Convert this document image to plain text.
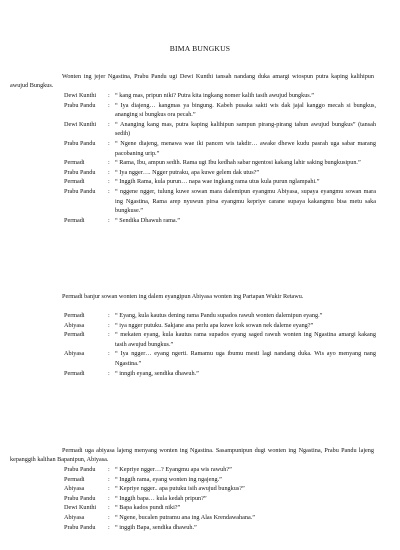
BIMA BUNGKUS
Wonten ing jejer Ngastina, Prabu Pandu ugi Dewi Kunthi tansah nandang duka amargi wiospun putra kaping kalihipun awujud Bungkus.
Dewi Kunthi	: “ kang mas, pripun niki? Putra kita ingkang nomer kalih tasih awujud bungkus.”
Prabu Pandu	: “ Iya diajeng… kangmas ya bingung. Kabeh pusaka sakti wis dak jajal kanggo mecah si bungkus, ananging si bungkus ora pecah.”
Dewi Kunthi	: “ Ananging kang mas, putra kaping kalihipun sampun pirang-pirang tahun awujud bungkus” (tansah sedih)
Prabu Pandu	: “ Ngene diajeng, menawa wae iki pancen wis takdir… awake dhewe kudu pasrah uga sabar marang pacobaning urip.”
Permadi	: “ Rama, Ibu, ampun sedih. Rama ugi Ibu kedhah sabar ngentosi kakang lahir saking bungkusipun.”
Prabu Pandu	: “ Iya ngger…. Ngger putraku, apa kuwe gelem dak utus?”
Permadi	: “ Inggih Rama, kula purun… napa wae ingkang rama utus kula purun nglampahi.”
Prabu Pandu	: “ nggene ngger, tulung kuwe sowan mara dalemipun eyangmu Abiyasa, supaya eyangmu sowan mara ing Ngastina, Rama arep nyuwun pirsa eyangmu kepriye carane supaya kakangmu bisa metu saka bungkuse.”
Permadi	: “ Sendika Dhawuh rama.”
Permadi banjur sowan wonten ing dalem eyangipun Abiyasa wonten ing Partapan Wukir Retawu.
Permadi	: “ Eyang, kula kautus dening rama Pandu supados rawuh wonten dalemipun eyang.”
Abiyasa	: “ iya ngger putuku. Sakjane ana perlu apa kuwe kok sowan nek daleme eyang?”
Permadi	: “ mekaten eyang, kula kautus rama supados eyang saged rawuh wonten ing Ngastina amargi kakang tasih awujud bungkus.”
Abiyasa	: “ Iya ngger… eyang ngerti. Ramamu uga ibumu mesti lagi nandang duka. Wis ayo menyang nang Ngastina.”
Permadi	: “ inngih eyang, sendika dhawuh.”
Permadi uga abiyasa lajeng menyang wonten ing Ngastina. Sasampunipun dugi wonten ing Ngastina, Prabu Pandu lajeng kepanggih kalihan Bapanipun, Abiyasa.
Prabu Pandu	: “ Kepriye ngger…? Eyangmu apa wis rawuh?”
Permadi	: “ Inggih rama, eyang wonten ing ngajeng.”
Abiyasa	: “ Kepriye ngger.. apa putuku isih awujud bungkus?”
Prabu Pandu	: “ Inggih bapa… kula kedah pripun?”
Dewi Kunthi	: “ Bapa kados pundi niki?”
Abiyasa	: “ Ngene, bucalen putramu ana ing Alas Krendawahana.”
Prabu Pandu	: “ inggih Bapa, sendika dhawuh.”
